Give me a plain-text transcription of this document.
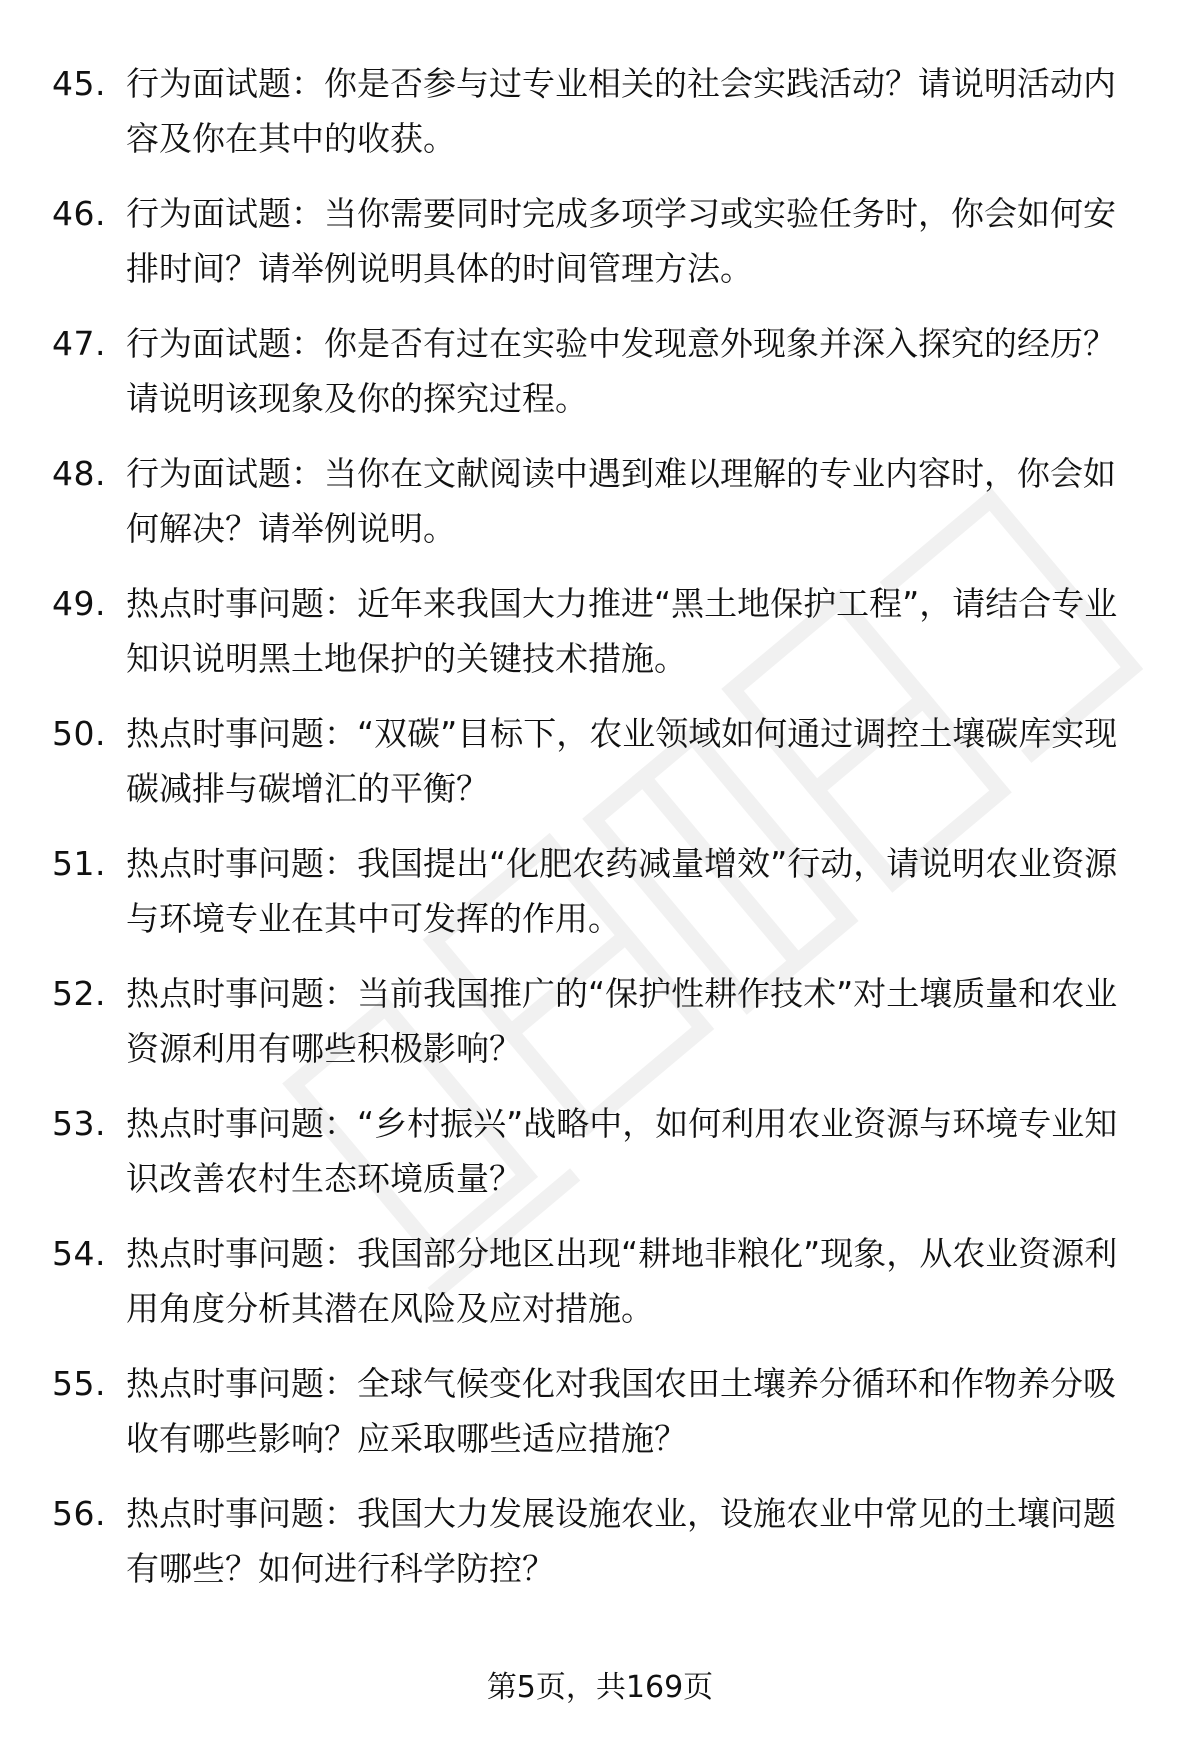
45. 行为面试题：你是否参与过专业相关的社会实践活动？请说明活动内容及你在其中的收获。
46. 行为面试题：当你需要同时完成多项学习或实验任务时，你会如何安排时间？请举例说明具体的时间管理方法。
47. 行为面试题：你是否有过在实验中发现意外现象并深入探究的经历？请说明该现象及你的探究过程。
48. 行为面试题：当你在文献阅读中遇到难以理解的专业内容时，你会如何解决？请举例说明。
49. 热点时事问题：近年来我国大力推进“黑土地保护工程”，请结合专业知识说明黑土地保护的关键技术措施。
50. 热点时事问题：“双碳”目标下，农业领域如何通过调控土壤碳库实现碳减排与碳增汇的平衡？
51. 热点时事问题：我国提出“化肥农药减量增效”行动，请说明农业资源与环境专业在其中可发挥的作用。
52. 热点时事问题：当前我国推广的“保护性耕作技术”对土壤质量和农业资源利用有哪些积极影响？
53. 热点时事问题：“乡村振兴”战略中，如何利用农业资源与环境专业知识改善农村生态环境质量？
54. 热点时事问题：我国部分地区出现“耕地非粮化”现象，从农业资源利用角度分析其潜在风险及应对措施。
55. 热点时事问题：全球气候变化对我国农田土壤养分循环和作物养分吸收有哪些影响？应采取哪些适应措施？
56. 热点时事问题：我国大力发展设施农业，设施农业中常见的土壤问题有哪些？如何进行科学防控？
第5页，共169页
